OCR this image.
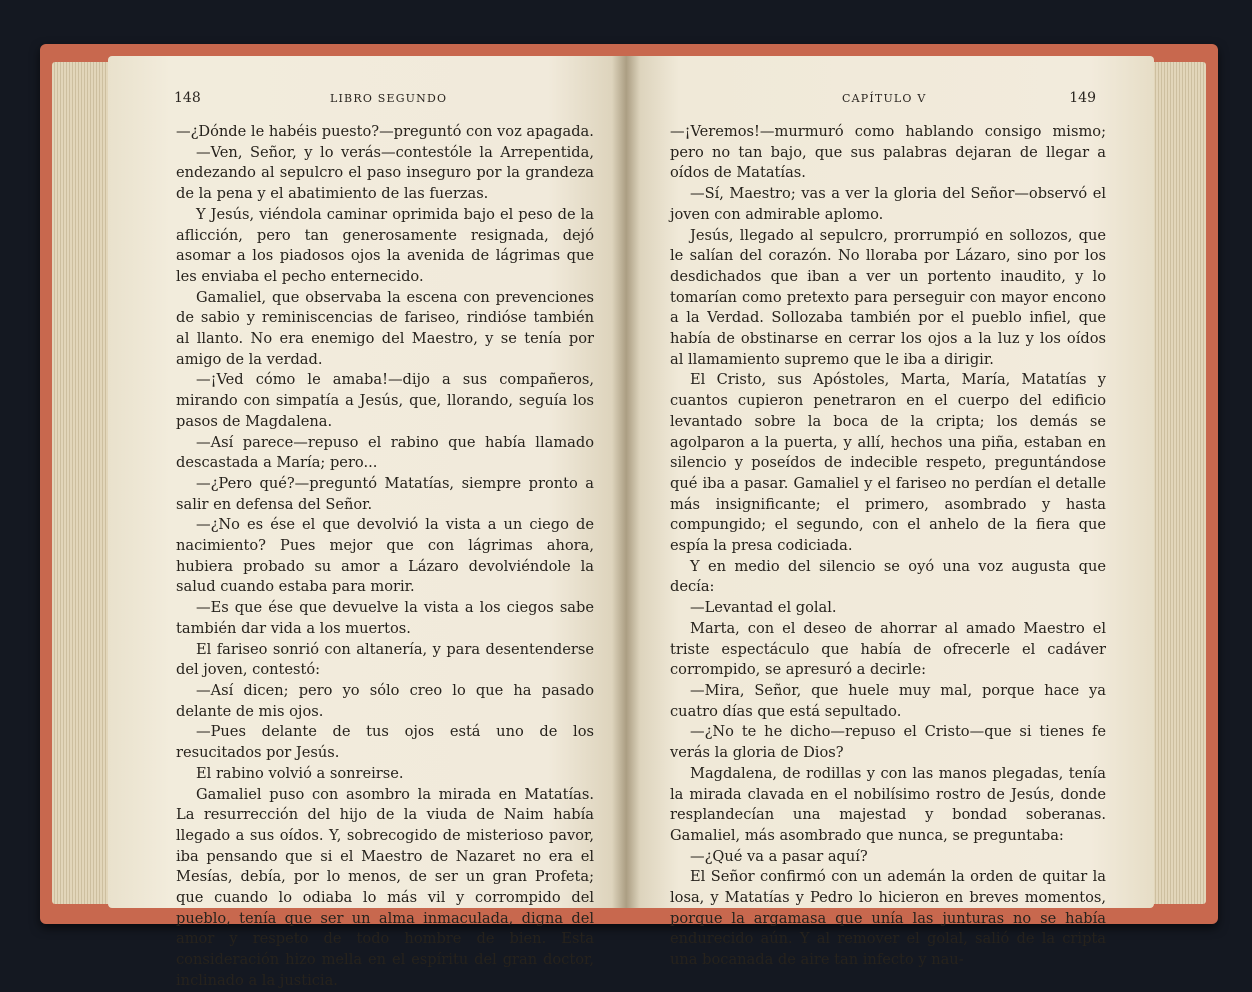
148	LIBRO SEGUNDO

—¿Dónde le habéis puesto?—preguntó con voz apagada.

—Ven, Señor, y lo verás—contestóle la Arrepentida, endezando al sepulcro el paso inseguro por la grandeza de la pena y el abatimiento de las fuerzas.

Y Jesús, viéndola caminar oprimida bajo el peso de la aflicción, pero tan generosamente resignada, dejó asomar a los piadosos ojos la avenida de lágrimas que les enviaba el pecho enternecido.

Gamaliel, que observaba la escena con prevenciones de sabio y reminiscencias de fariseo, rindióse también al llanto. No era enemigo del Maestro, y se tenía por amigo de la verdad.

—¡Ved cómo le amaba!—dijo a sus compañeros, mirando con simpatía a Jesús, que, llorando, seguía los pasos de Magdalena.

—Así parece—repuso el rabino que había llamado descastada a María; pero...

—¿Pero qué?—preguntó Matatías, siempre pronto a salir en defensa del Señor.

—¿No es ése el que devolvió la vista a un ciego de nacimiento? Pues mejor que con lágrimas ahora, hubiera probado su amor a Lázaro devolviéndole la salud cuando estaba para morir.

—Es que ése que devuelve la vista a los ciegos sabe también dar vida a los muertos.

El fariseo sonrió con altanería, y para desentenderse del joven, contestó:

—Así dicen; pero yo sólo creo lo que ha pasado delante de mis ojos.

—Pues delante de tus ojos está uno de los resucitados por Jesús.

El rabino volvió a sonreirse.

Gamaliel puso con asombro la mirada en Matatías. La resurrección del hijo de la viuda de Naim había llegado a sus oídos. Y, sobrecogido de misterioso pavor, iba pensando que si el Maestro de Nazaret no era el Mesías, debía, por lo menos, de ser un gran Profeta; que cuando lo odiaba lo más vil y corrompido del pueblo, tenía que ser un alma inmaculada, digna del amor y respeto de todo hombre de bien. Esta consideración hizo mella en el espíritu del gran doctor, inclinado a la justicia.

CAPÍTULO V	149

—¡Veremos!—murmuró como hablando consigo mismo; pero no tan bajo, que sus palabras dejaran de llegar a oídos de Matatías.

—Sí, Maestro; vas a ver la gloria del Señor—observó el joven con admirable aplomo.

Jesús, llegado al sepulcro, prorrumpió en sollozos, que le salían del corazón. No lloraba por Lázaro, sino por los desdichados que iban a ver un portento inaudito, y lo tomarían como pretexto para perseguir con mayor encono a la Verdad. Sollozaba también por el pueblo infiel, que había de obstinarse en cerrar los ojos a la luz y los oídos al llamamiento supremo que le iba a dirigir.

El Cristo, sus Apóstoles, Marta, María, Matatías y cuantos cupieron penetraron en el cuerpo del edificio levantado sobre la boca de la cripta; los demás se agolparon a la puerta, y allí, hechos una piña, estaban en silencio y poseídos de indecible respeto, preguntándose qué iba a pasar. Gamaliel y el fariseo no perdían el detalle más insignificante; el primero, asombrado y hasta compungido; el segundo, con el anhelo de la fiera que espía la presa codiciada.

Y en medio del silencio se oyó una voz augusta que decía:

—Levantad el golal.

Marta, con el deseo de ahorrar al amado Maestro el triste espectáculo que había de ofrecerle el cadáver corrompido, se apresuró a decirle:

—Mira, Señor, que huele muy mal, porque hace ya cuatro días que está sepultado.

—¿No te he dicho—repuso el Cristo—que si tienes fe verás la gloria de Dios?

Magdalena, de rodillas y con las manos plegadas, tenía la mirada clavada en el nobilísimo rostro de Jesús, donde resplandecían una majestad y bondad soberanas. Gamaliel, más asombrado que nunca, se preguntaba:

—¿Qué va a pasar aquí?

El Señor confirmó con un ademán la orden de quitar la losa, y Matatías y Pedro lo hicieron en breves momentos, porque la argamasa que unía las junturas no se había endurecido aún. Y al remover el golal, salió de la cripta una bocanada de aire tan infecto y nau-
